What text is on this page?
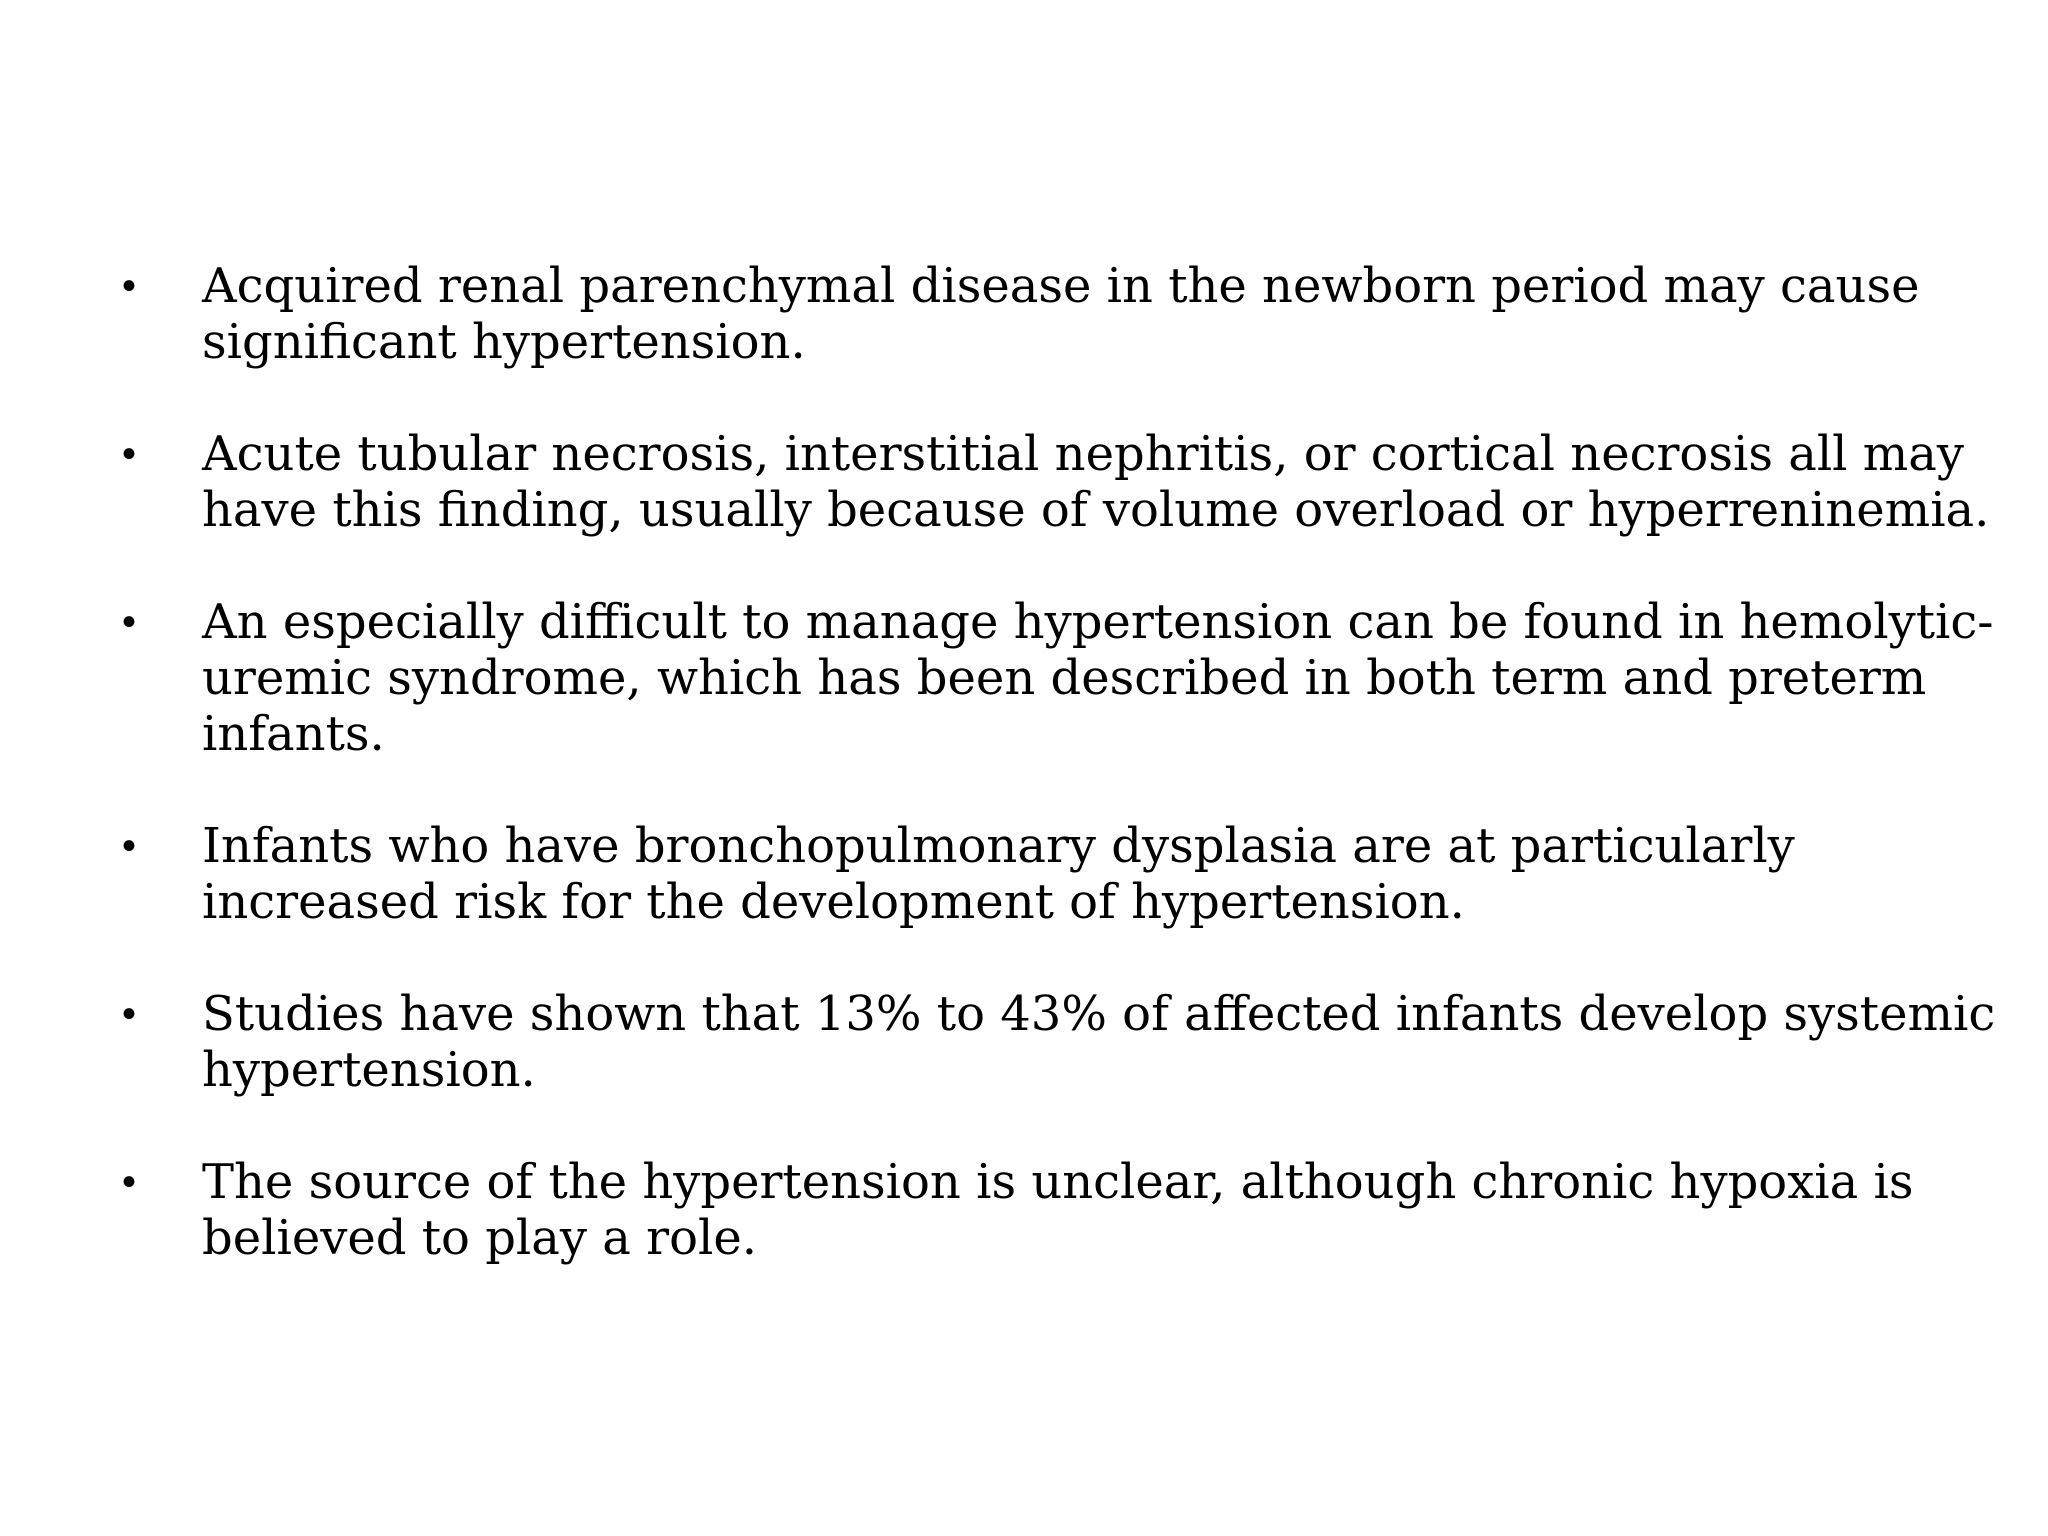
• Acquired renal parenchymal disease in the newborn period may cause significant hypertension.
• Acute tubular necrosis, interstitial nephritis, or cortical necrosis all may have this finding, usually because of volume overload or hyperreninemia.
• An especially difficult to manage hypertension can be found in hemolytic-uremic syndrome, which has been described in both term and preterm infants.
• Infants who have bronchopulmonary dysplasia are at particularly increased risk for the development of hypertension.
• Studies have shown that 13% to 43% of affected infants develop systemic hypertension.
• The source of the hypertension is unclear, although chronic hypoxia is believed to play a role.
